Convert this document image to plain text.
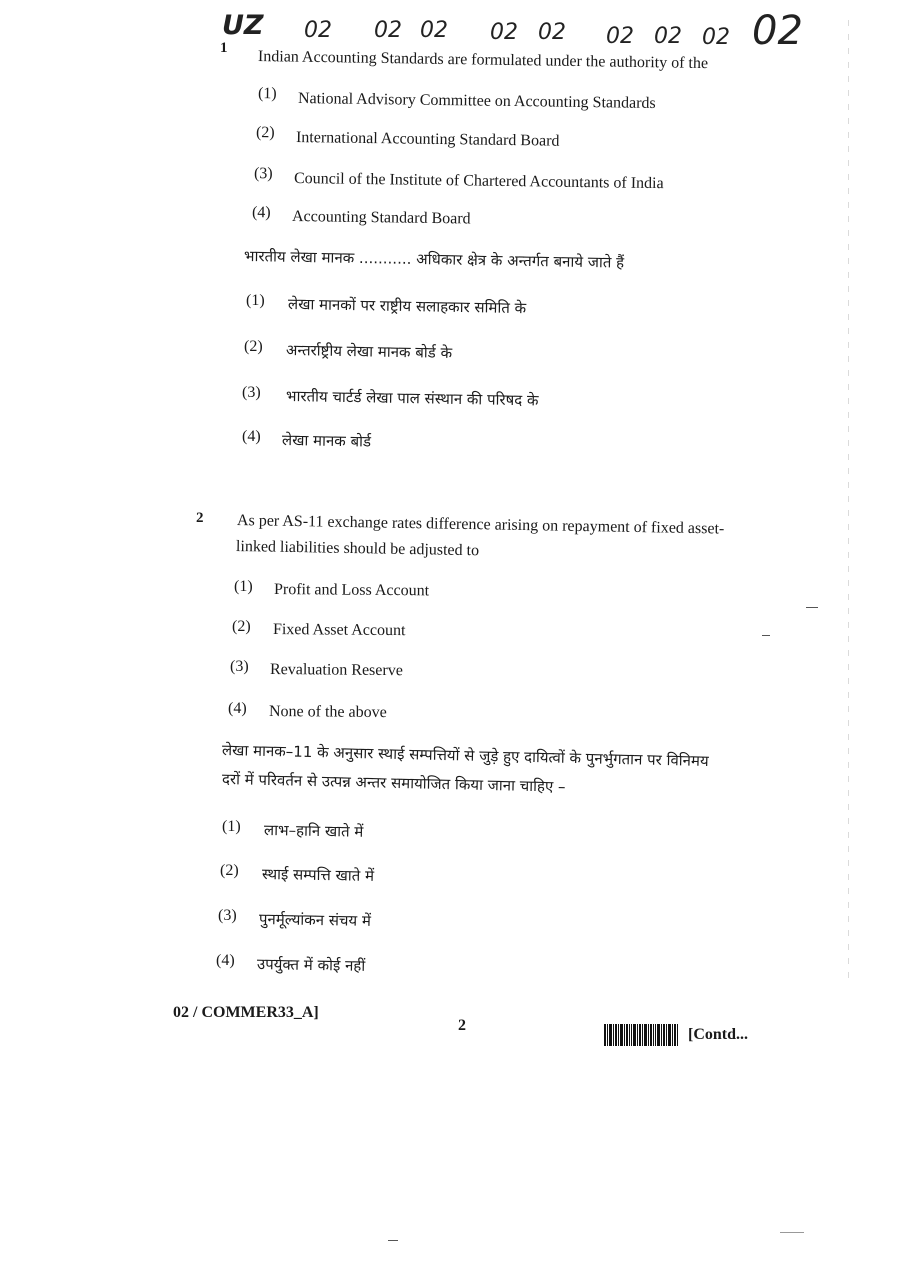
UZ 02 02 02 02 02 02 02 02 02
1
Indian Accounting Standards are formulated under the authority of the
(1) National Advisory Committee on Accounting Standards
(2) International Accounting Standard Board
(3) Council of the Institute of Chartered Accountants of India
(4) Accounting Standard Board
भारतीय लेखा मानक ........... अधिकार क्षेत्र के अन्तर्गत बनाये जाते हैं
(1) लेखा मानकों पर राष्ट्रीय सलाहकार समिति के
(2) अन्तर्राष्ट्रीय लेखा मानक बोर्ड के
(3) भारतीय चार्टर्ड लेखा पाल संस्थान की परिषद के
(4) लेखा मानक बोर्ड
2 As per AS-11 exchange rates difference arising on repayment of fixed asset-
linked liabilities should be adjusted to
(1) Profit and Loss Account
(2) Fixed Asset Account
(3) Revaluation Reserve
(4) None of the above
लेखा मानक–11 के अनुसार स्थाई सम्पत्तियों से जुड़े हुए दायित्वों के पुनर्भुगतान पर विनिमय
दरों में परिवर्तन से उत्पन्न अन्तर समायोजित किया जाना चाहिए –
(1) लाभ–हानि खाते में
(2) स्थाई सम्पत्ति खाते में
(3) पुनर्मूल्यांकन संचय में
(4) उपर्युक्त में कोई नहीं
02 / COMMER33_A]
2
[Contd...
